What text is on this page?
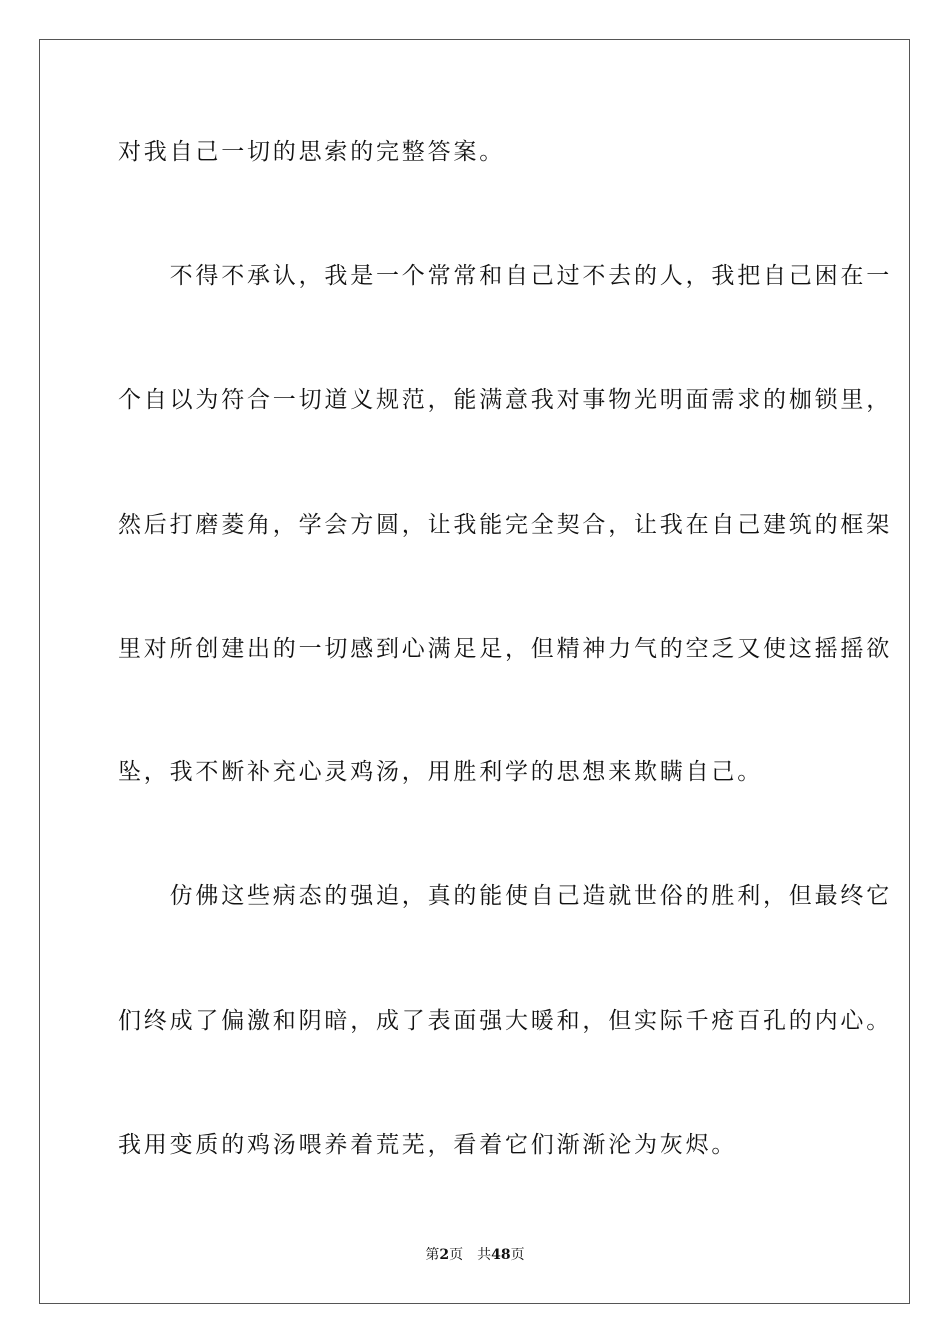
对我自己一切的思索的完整答案。
　　不得不承认，我是一个常常和自己过不去的人，我把自己困在一
个自以为符合一切道义规范，能满意我对事物光明面需求的枷锁里，
然后打磨菱角，学会方圆，让我能完全契合，让我在自己建筑的框架
里对所创建出的一切感到心满足足，但精神力气的空乏又使这摇摇欲
坠，我不断补充心灵鸡汤，用胜利学的思想来欺瞒自己。
　　仿佛这些病态的强迫，真的能使自己造就世俗的胜利，但最终它
们终成了偏激和阴暗，成了表面强大暖和，但实际千疮百孔的内心。
我用变质的鸡汤喂养着荒芜，看着它们渐渐沦为灰烬。
第2页 共48页
